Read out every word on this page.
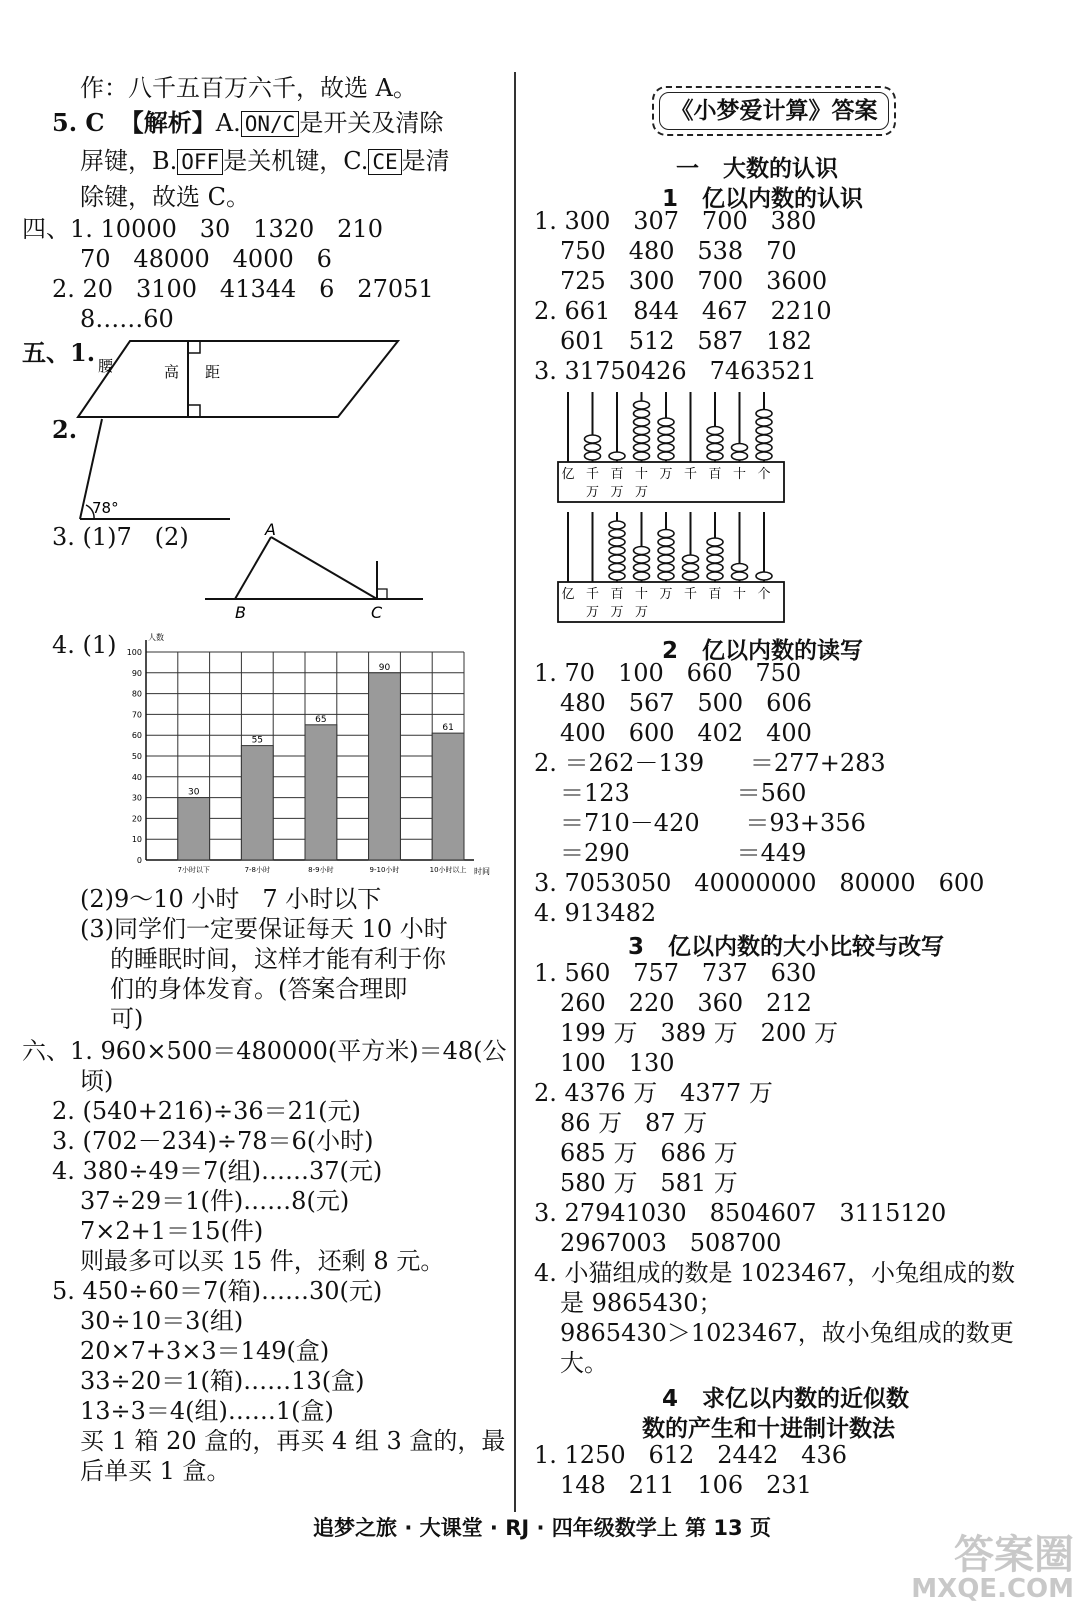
作：八千五百万六千，故选 A。
5. C 【解析】A. ON/C 是开关及清除
屏键，B. OFF 是关机键，C. CE 是清
除键，故选 C。
四、1. 10000   30   1320   210
70   48000   4000   6
2. 20   3100   41344   6   27051
8……60
五、1. 腰	高 距
2.
78°
3. (1)7   (2)	A
B	C
4. (1)
0
10
20
30
40
50
60
70
80
90
100
人数
时间
30
7小时以下
55
7-8小时
65
8-9小时
90
9-10小时
61
10小时以上
(2)9～10 小时   7 小时以下
(3)同学们一定要保证每天 10 小时
的睡眠时间，这样才能有利于你
们的身体发育。(答案合理即
可)
六、1. 960×500＝480000(平方米)＝48(公
顷)
2. (540+216)÷36＝21(元)
3. (702－234)÷78＝6(小时)
4. 380÷49＝7(组)……37(元)
37÷29＝1(件)……8(元)
7×2+1＝15(件)
则最多可以买 15 件，还剩 8 元。
5. 450÷60＝7(箱)……30(元)
30÷10＝3(组)
20×7+3×3＝149(盒)
33÷20＝1(箱)……13(盒)
13÷3＝4(组)……1(盒)
买 1 箱 20 盒的，再买 4 组 3 盒的，最
后单买 1 盒。
《小梦爱计算》答案
一   大数的认识
1   亿以内数的认识
1. 300   307   700   380
750   480   538   70
725   300   700   3600
2. 661   844   467   2210
601   512   587   182
3. 31750426   7463521
亿 千
万
百
万
十
万
万 千 百 十 个
亿 千
万
百
万
十
万
万 千 百 十 个
2   亿以内数的读写
1. 70   100   660   750
480   567   500   606
400   600   402   400
2. ＝262－139      ＝277+283
＝123              ＝560
＝710－420      ＝93+356
＝290              ＝449
3. 7053050   40000000   80000   600
4. 913482
3   亿以内数的大小比较与改写
1. 560   757   737   630
260   220   360   212
199 万   389 万   200 万
100   130
2. 4376 万   4377 万
86 万   87 万
685 万   686 万
580 万   581 万
3. 27941030   8504607   3115120
2967003   508700
4. 小猫组成的数是 1023467，小兔组成的数
是 9865430；
9865430＞1023467，故小兔组成的数更
大。
4   求亿以内数的近似数
数的产生和十进制计数法
1. 1250   612   2442   436
148   211   106   231
追梦之旅 · 大课堂 · RJ · 四年级数学上 第 13 页
答案圈
MXQE.COM
